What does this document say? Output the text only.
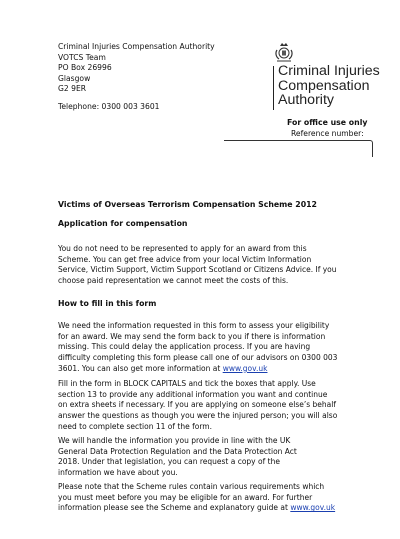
Criminal Injuries Compensation Authority
VOTCS Team
PO Box 26996
Glasgow
G2 9ER
Telephone: 0300 003 3601
Criminal Injuries
Compensation
Authority
For office use only
Reference number:
Victims of Overseas Terrorism Compensation Scheme 2012
Application for compensation
You do not need to be represented to apply for an award from this
Scheme. You can get free advice from your local Victim Information
Service, Victim Support, Victim Support Scotland or Citizens Advice. If you
choose paid representation we cannot meet the costs of this.
How to fill in this form
We need the information requested in this form to assess your eligibility
for an award. We may send the form back to you if there is information
missing. This could delay the application process. If you are having
difficulty completing this form please call one of our advisors on 0300 003
3601. You can also get more information at www.gov.uk
Fill in the form in BLOCK CAPITALS and tick the boxes that apply. Use
section 13 to provide any additional information you want and continue
on extra sheets if necessary. If you are applying on someone else’s behalf
answer the questions as though you were the injured person; you will also
need to complete section 11 of the form.
We will handle the information you provide in line with the UK
General Data Protection Regulation and the Data Protection Act
2018. Under that legislation, you can request a copy of the
information we have about you.
Please note that the Scheme rules contain various requirements which
you must meet before you may be eligible for an award. For further
information please see the Scheme and explanatory guide at www.gov.uk
